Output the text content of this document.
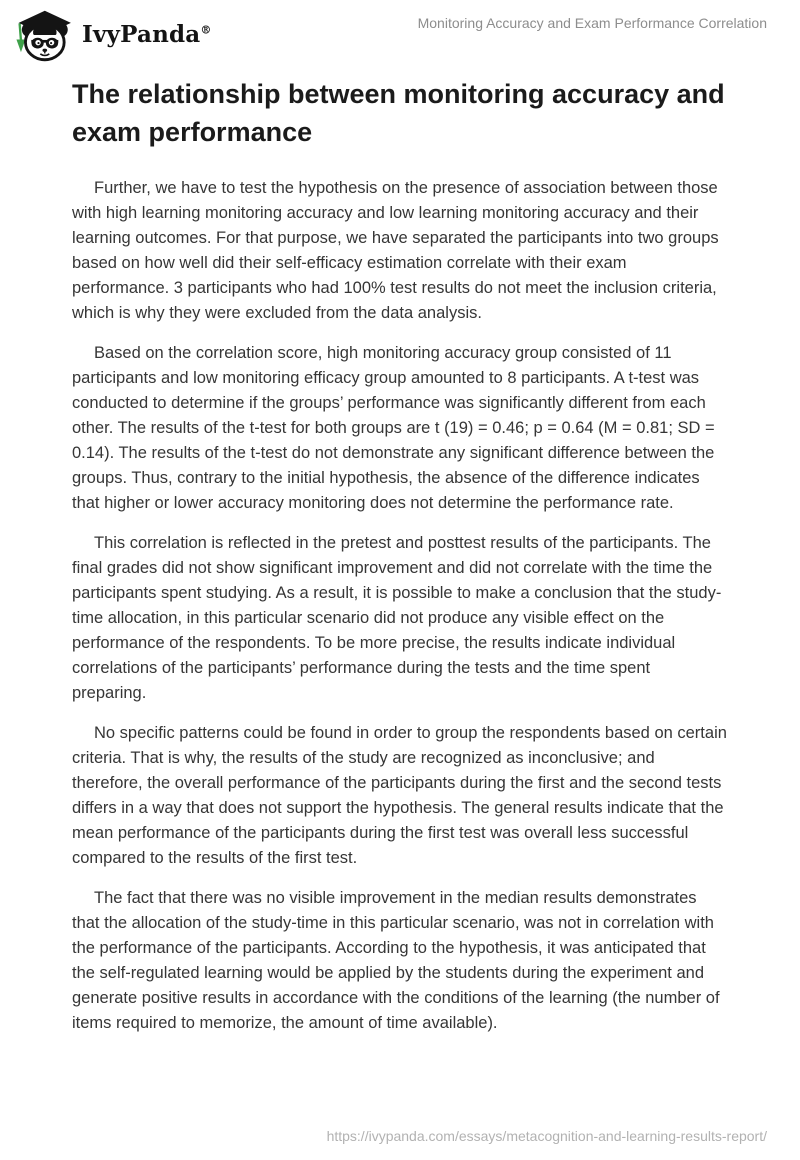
IvyPanda®	Monitoring Accuracy and Exam Performance Correlation
The relationship between monitoring accuracy and exam performance

Further, we have to test the hypothesis on the presence of association between those with high learning monitoring accuracy and low learning monitoring accuracy and their learning outcomes. For that purpose, we have separated the participants into two groups based on how well did their self-efficacy estimation correlate with their exam performance. 3 participants who had 100% test results do not meet the inclusion criteria, which is why they were excluded from the data analysis.

Based on the correlation score, high monitoring accuracy group consisted of 11 participants and low monitoring efficacy group amounted to 8 participants. A t-test was conducted to determine if the groups’ performance was significantly different from each other. The results of the t-test for both groups are t (19) = 0.46; p = 0.64 (M = 0.81; SD = 0.14). The results of the t-test do not demonstrate any significant difference between the groups. Thus, contrary to the initial hypothesis, the absence of the difference indicates that higher or lower accuracy monitoring does not determine the performance rate.

This correlation is reflected in the pretest and posttest results of the participants. The final grades did not show significant improvement and did not correlate with the time the participants spent studying. As a result, it is possible to make a conclusion that the study-time allocation, in this particular scenario did not produce any visible effect on the performance of the respondents. To be more precise, the results indicate individual correlations of the participants’ performance during the tests and the time spent preparing.

No specific patterns could be found in order to group the respondents based on certain criteria. That is why, the results of the study are recognized as inconclusive; and therefore, the overall performance of the participants during the first and the second tests differs in a way that does not support the hypothesis. The general results indicate that the mean performance of the participants during the first test was overall less successful compared to the results of the first test.

The fact that there was no visible improvement in the median results demonstrates that the allocation of the study-time in this particular scenario, was not in correlation with the performance of the participants. According to the hypothesis, it was anticipated that the self-regulated learning would be applied by the students during the experiment and generate positive results in accordance with the conditions of the learning (the number of items required to memorize, the amount of time available).

https://ivypanda.com/essays/metacognition-and-learning-results-report/
